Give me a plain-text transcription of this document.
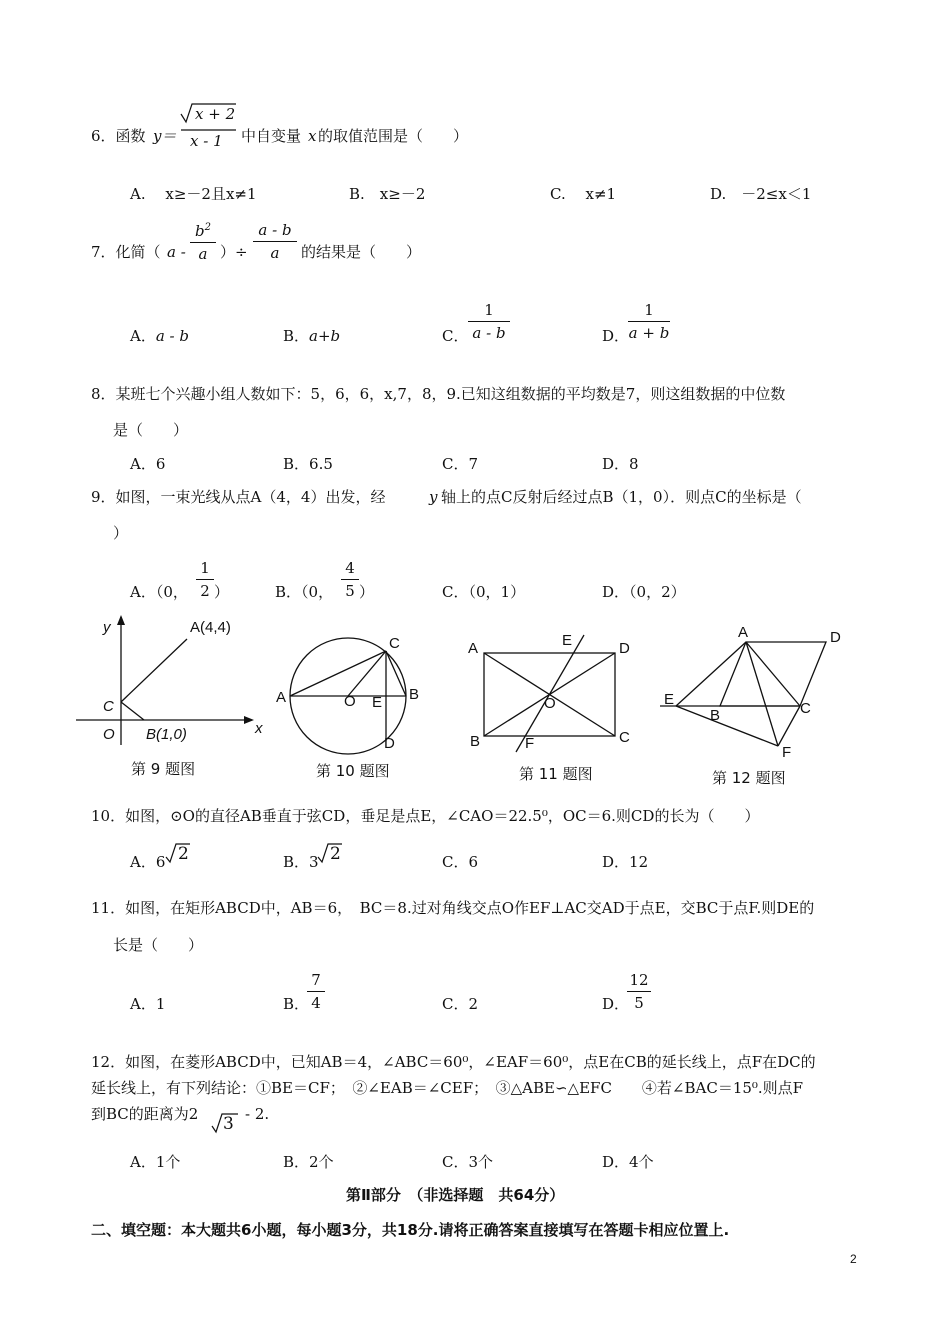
6．函数 y＝
x + 2
x - 1 中自变量 x 的取值范围是（　　）
A.　 x≥－2且x≠1	B.　x≥－2	C.　 x≠1	D.　－2≤x＜1
7．化简（ a -
$b^2$
a ）÷
a - b
a	的结果是（　　）
A．a - b	B．a+b	C．
1
a - b	D．
1
a + b
8．某班七个兴趣小组人数如下：5，6，6，x,7，8，9.已知这组数据的平均数是7，则这组数据的中位数
是（　　）
A．6	B．6.5	C．7	D．8
9．如图，一束光线从点A（4，4）出发，经	y 轴上的点C反射后经过点B（1，0）．则点C的坐标是（
）
A．（0，
1
2 ）	B．（0，
4
5 ）	C．（0，1）	D．（0，2）
y
x
A(4,4)
C
O B(1,0)
A	B
C
D
O E
A
B	C
D
E
F
O
A
B	C
D
E
F
第 9 题图	第 10 题图	第 11 题图	第 12 题图
10．如图，⊙O的直径AB垂直于弦CD，垂足是点E，∠CAO＝22.5⁰，OC＝6.则CD的长为（　　）
A．6 2	B．3 2	C．6	D．12
11．如图，在矩形ABCD中，AB＝6，　BC＝8.过对角线交点O作EF⊥AC交AD于点E，交BC于点F.则DE的
长是（　　）
A．1	B．
7
4	C．2	D．
12
5
12．如图，在菱形ABCD中，已知AB＝4，∠ABC＝60⁰，∠EAF＝60⁰，点E在CB的延长线上，点F在DC的
延长线上，有下列结论：①BE＝CF；　②∠EAB＝∠CEF；　③△ABE∽△EFC　　④若∠BAC＝15⁰.则点F
到BC的距离为2 3 - 2.
A．1个	B．2个	C．3个	D．4个
第Ⅱ部分　（非选择题　共64分）
二、填空题：本大题共6小题，每小题3分，共18分.请将正确答案直接填写在答题卡相应位置上.
2
